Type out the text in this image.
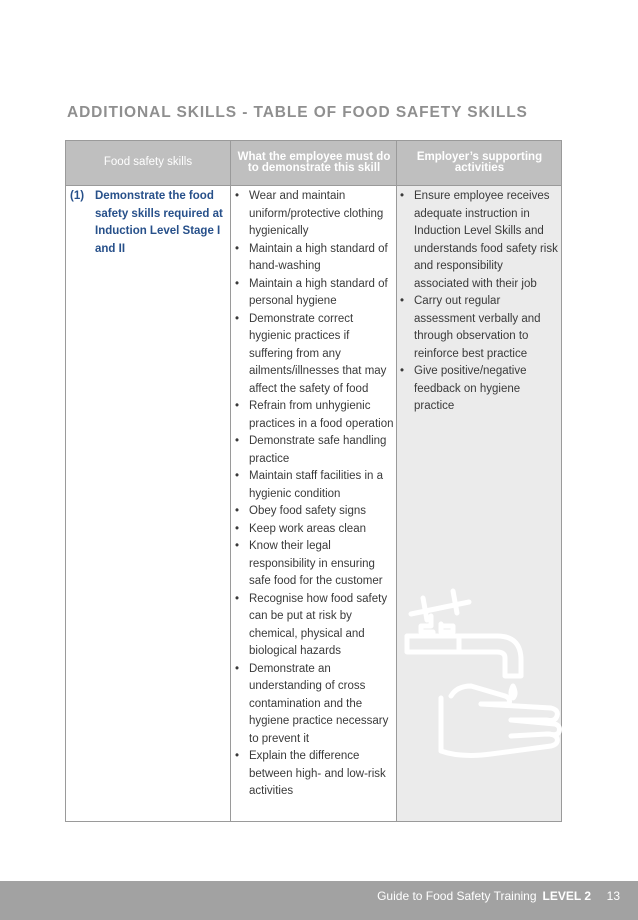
ADDITIONAL SKILLS - TABLE OF FOOD SAFETY SKILLS
Food safety skills	What the employee must do to demonstrate this skill
Employer’s supporting activities
(1) Demonstrate the food safety skills required at Induction Level Stage I and II
• Wear and maintain uniform/protective clothing hygienically
• Maintain a high standard of hand-washing
• Maintain a high standard of personal hygiene
• Demonstrate correct hygienic practices if suffering from any ailments/illnesses that may affect the safety of food
• Refrain from unhygienic practices in a food operation
• Demonstrate safe handling practice
• Maintain staff facilities in a hygienic condition
• Obey food safety signs
• Keep work areas clean
• Know their legal responsibility in ensuring safe food for the customer
• Recognise how food safety can be put at risk by chemical, physical and biological hazards
• Demonstrate an understanding of cross contamination and the hygiene practice necessary to prevent it
• Explain the difference between high- and low-risk activities
• Ensure employee receives adequate instruction in Induction Level Skills and understands food safety risk and responsibility associated with their job
• Carry out regular assessment verbally and through observation to reinforce best practice
• Give positive/negative feedback on hygiene practice
Guide to Food Safety Training LEVEL 2 13
